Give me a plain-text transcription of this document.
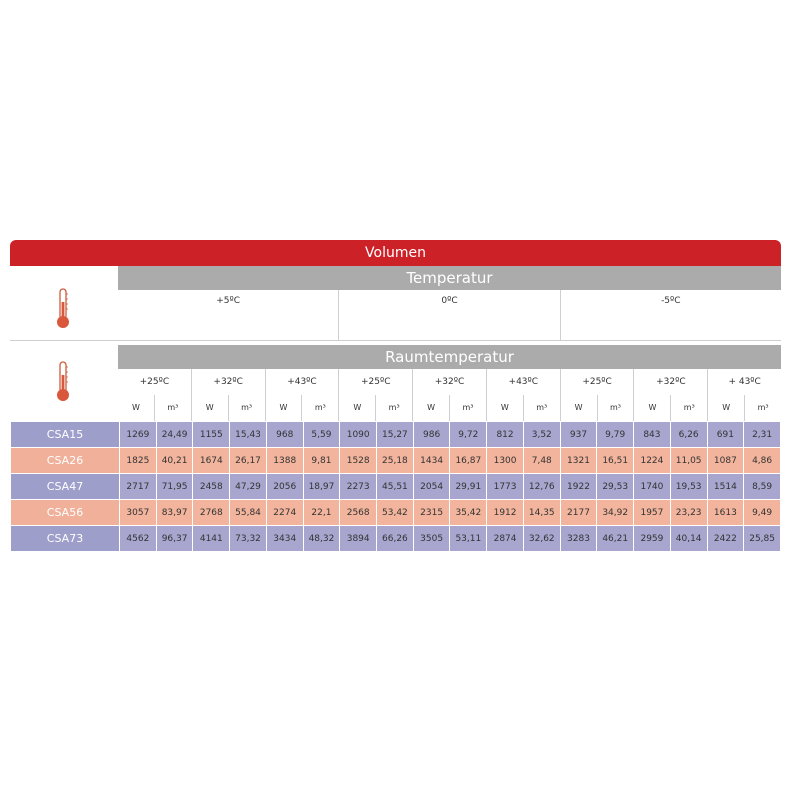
Volumen
Temperatur
+5ºC	0ºC	-5ºC
Raumtemperatur
+25ºC	+32ºC	+43ºC	+25ºC	+32ºC	+43ºC	+25ºC	+32ºC	+ 43ºC
W	m³	W	m³	W	m³	W	m³	W	m³	W	m³	W	m³	W	m³	W	m³
CSA15	1269	24,49	1155	15,43	968	5,59	1090	15,27	986	9,72	812	3,52	937	9,79	843	6,26	691	2,31
CSA26	1825	40,21	1674	26,17	1388	9,81	1528	25,18	1434	16,87	1300	7,48	1321	16,51	1224	11,05	1087	4,86
CSA47	2717	71,95	2458	47,29	2056	18,97	2273	45,51	2054	29,91	1773	12,76	1922	29,53	1740	19,53	1514	8,59
CSA56	3057	83,97	2768	55,84	2274	22,1	2568	53,42	2315	35,42	1912	14,35	2177	34,92	1957	23,23	1613	9,49
CSA73	4562	96,37	4141	73,32	3434	48,32	3894	66,26	3505	53,11	2874	32,62	3283	46,21	2959	40,14	2422	25,85
